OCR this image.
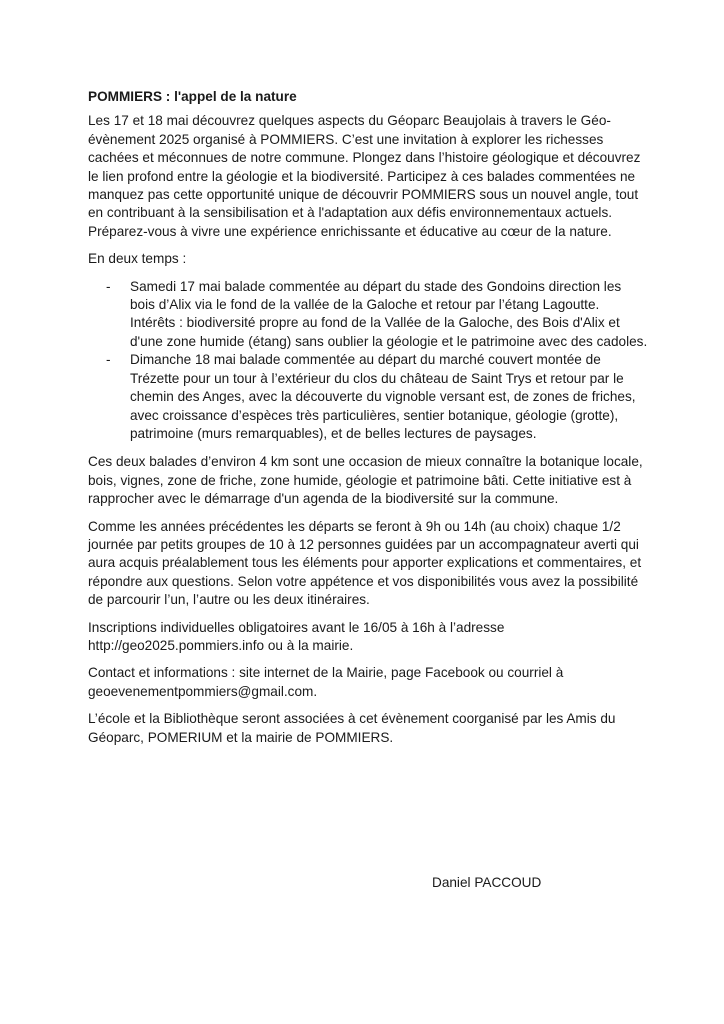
POMMIERS : l'appel de la nature

Les 17 et 18 mai découvrez quelques aspects du Géoparc Beaujolais à travers le Géo-évènement 2025 organisé à POMMIERS. C’est une invitation à explorer les richesses cachées et méconnues de notre commune. Plongez dans l’histoire géologique et découvrez le lien profond entre la géologie et la biodiversité. Participez à ces balades commentées ne manquez pas cette opportunité unique de découvrir POMMIERS sous un nouvel angle, tout en contribuant à la sensibilisation et à l'adaptation aux défis environnementaux actuels. Préparez-vous à vivre une expérience enrichissante et éducative au cœur de la nature.

En deux temps :

- Samedi 17 mai balade commentée au départ du stade des Gondoins direction les bois d’Alix via le fond de la vallée de la Galoche et retour par l’étang Lagoutte. Intérêts : biodiversité propre au fond de la Vallée de la Galoche, des Bois d'Alix et d'une zone humide (étang) sans oublier la géologie et le patrimoine avec des cadoles.
- Dimanche 18 mai balade commentée au départ du marché couvert montée de Trézette pour un tour à l’extérieur du clos du château de Saint Trys et retour par le chemin des Anges, avec la découverte du vignoble versant est, de zones de friches, avec croissance d’espèces très particulières, sentier botanique, géologie (grotte), patrimoine (murs remarquables), et de belles lectures de paysages.

Ces deux balades d’environ 4 km sont une occasion de mieux connaître la botanique locale, bois, vignes, zone de friche, zone humide, géologie et patrimoine bâti. Cette initiative est à rapprocher avec le démarrage d'un agenda de la biodiversité sur la commune.

Comme les années précédentes les départs se feront à 9h ou 14h (au choix) chaque 1/2 journée par petits groupes de 10 à 12 personnes guidées par un accompagnateur averti qui aura acquis préalablement tous les éléments pour apporter explications et commentaires, et répondre aux questions. Selon votre appétence et vos disponibilités vous avez la possibilité de parcourir l’un, l’autre ou les deux itinéraires.

Inscriptions individuelles obligatoires avant le 16/05 à 16h à l’adresse http://geo2025.pommiers.info ou à la mairie.

Contact et informations : site internet de la Mairie, page Facebook ou courriel à geoevenementpommiers@gmail.com.

L’école et la Bibliothèque seront associées à cet évènement coorganisé par les Amis du Géoparc, POMERIUM et la mairie de POMMIERS.

Daniel PACCOUD
